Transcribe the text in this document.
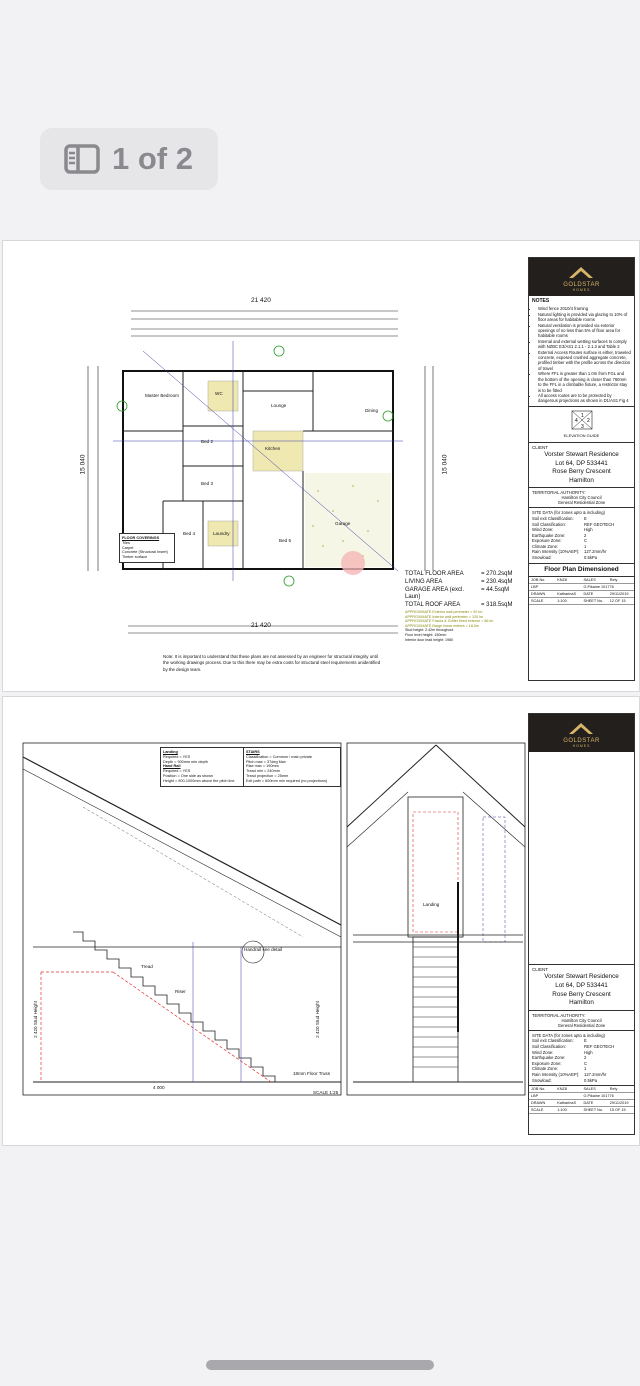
1 of 2
21 420
21 420
15 040	15 040
Master Bedroom
Bed 2
Bed 3
Bed 4
Bed 5
Lounge
Dining
Kitchen
Garage
WC
Laundry
FLOOR COVERINGS
Tiles
Carpet
Concrete (Structural Insert)
Timber surface
TOTAL FLOOR AREA	= 270.2sqM
LIVING AREA	= 230.4sqM
GARAGE AREA (excl. Laun)
= 44.5sqM
TOTAL ROOF AREA	= 318.5sqM
APPROXIMATE Exterior wall perimeter = 92 lm
APPROXIMATE Interior wall perimeter = 120 lm
APPROXIMATE Fascia & Gutter fixed exterior = 86 lm
APPROXIMATE Barge linear meters = 18.0m
Stud height: 2.42m throughout
Floor level height: 150mm
Interior door lead height: 1980
Note: It is important to understand that these plans are not assessed by an engineer for structural integrity until the working drawings process. Due to this there may be extra costs for structural steel requirements unidentified by the design team.
GOLDSTAR
HOMES
NOTES
• Wind fence 2010/4 framing
• Natural lighting is provided via glazing to 10% of floor areas for habitable rooms
• Natural ventilation is provided via exterior openings of no less than 5% of floor area for habitable rooms
• Internal and external wetting surfaces to comply with NZBC E3/AS1 2.1.1 - 2.1.3 and Table 2
• External Access Routes surface is either, troweled concrete, exposed crushed aggregate concrete, profiled timber with the profile across the direction of travel
• Where FFL is greater than 1.0m from FGL and the bottom of the opening is closer than 760mm to the FFL in a climbable fixture, a restrictor stay is to be fitted
• All access routes are to be protected by dangerous projections as shown in D1/AS1 Fig 4
1
2
3
4
ELEVATION GUIDE
CLIENT
Vorster Stewart Residence
Lot 64, DP 533441
Rose Berry Crescent
Hamilton
TERRITORIAL AUTHORITY:
Hamilton City Council
General Residential Zone
SITE DATA (for zones upto & including)
Soil exit Classification:	E
Soil Classification:	REF GEOTECH
Wind Zone:	High
Earthquake Zone:	2
Exposure Zone:	C
Climate Zone:	1
Rain Intensity (10%AEP):	127.2mm/hr
Snowload:	0.5kPa
Floor Plan Dimensioned
JOB No.	KNZ8	SALES	Rely
LBP	G.Pikaine 101776
DRAWN	KatharinaS	DATE	29/11/2019
SCALE	1:100	SHEET No.	12 OF 15
Landing
Required = YES
Depth = 900mm min depth
Hand Rail
Required = YES
Position = One side as shown
Height = 900-1000mm above the pitch line
STAIRS
Classification = Common / main private
Pitch max = 37deg Max
Rise max = 190mm
Tread min = 240mm
Tread projection = 25mm
Exit path = 600mm min required (no projections)
2 420 Stud Height	2 420 Stud Height
4 000
Handrail see detail
18mm Floor Truss
SCALE 1:25
Landing
Tread
Riser
GOLDSTAR
HOMES
CLIENT
Vorster Stewart Residence
Lot 64, DP 533441
Rose Berry Crescent
Hamilton
TERRITORIAL AUTHORITY:
Hamilton City Council
General Residential Zone
SITE DATA (for zones upto & including)
Soil exit Classification:	E
Soil Classification:	REF GEOTECH
Wind Zone:	High
Earthquake Zone:	2
Exposure Zone:	C
Climate Zone:	1
Rain Intensity (10%AEP):	127.2mm/hr
Snowload:	0.5kPa
JOB No.	KNZ8	SALES	Rely
LBP	G.Pikaine 101776
DRAWN	KatharinaS	DATE	29/11/2019
SCALE	1:100	SHEET No.	15 OF 15
